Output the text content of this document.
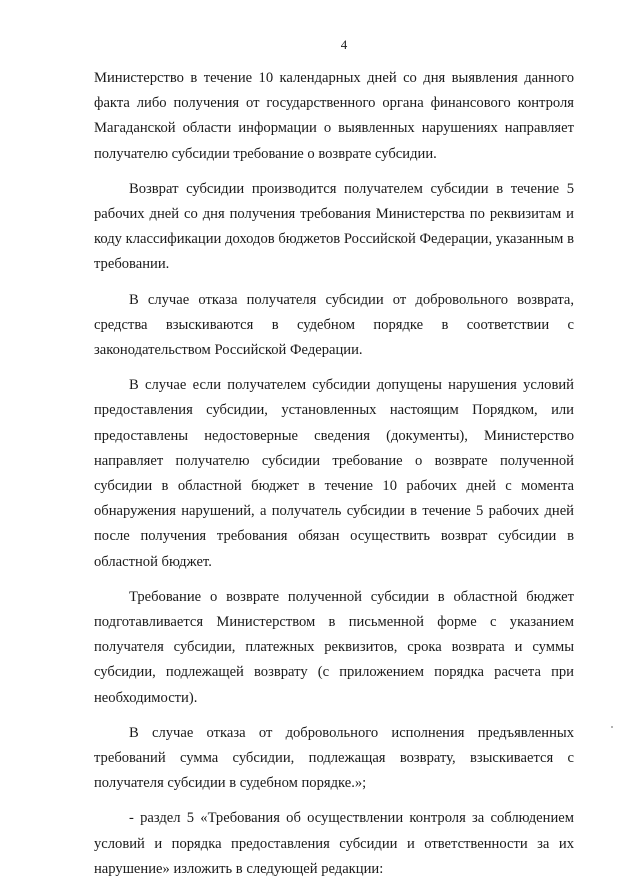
4

Министерство в течение 10 календарных дней со дня выявления данного факта либо получения от государственного органа финансового контроля Магаданской области информации о выявленных нарушениях направляет получателю субсидии требование о возврате субсидии.

Возврат субсидии производится получателем субсидии в течение 5 рабочих дней со дня получения требования Министерства по реквизитам и коду классификации доходов бюджетов Российской Федерации, указанным в требовании.

В случае отказа получателя субсидии от добровольного возврата, средства взыскиваются в судебном порядке в соответствии с законодательством Российской Федерации.

В случае если получателем субсидии допущены нарушения условий предоставления субсидии, установленных настоящим Порядком, или предоставлены недостоверные сведения (документы), Министерство направляет получателю субсидии требование о возврате полученной субсидии в областной бюджет в течение 10 рабочих дней с момента обнаружения нарушений, а получатель субсидии в течение 5 рабочих дней после получения требования обязан осуществить возврат субсидии в областной бюджет.

Требование о возврате полученной субсидии в областной бюджет подготавливается Министерством в письменной форме с указанием получателя субсидии, платежных реквизитов, срока возврата и суммы субсидии, подлежащей возврату (с приложением порядка расчета при необходимости).

В случае отказа от добровольного исполнения предъявленных требований сумма субсидии, подлежащая возврату, взыскивается с получателя субсидии в судебном порядке.»;

- раздел 5 «Требования об осуществлении контроля за соблюдением условий и порядка предоставления субсидии и ответственности за их нарушение» изложить в следующей редакции:
